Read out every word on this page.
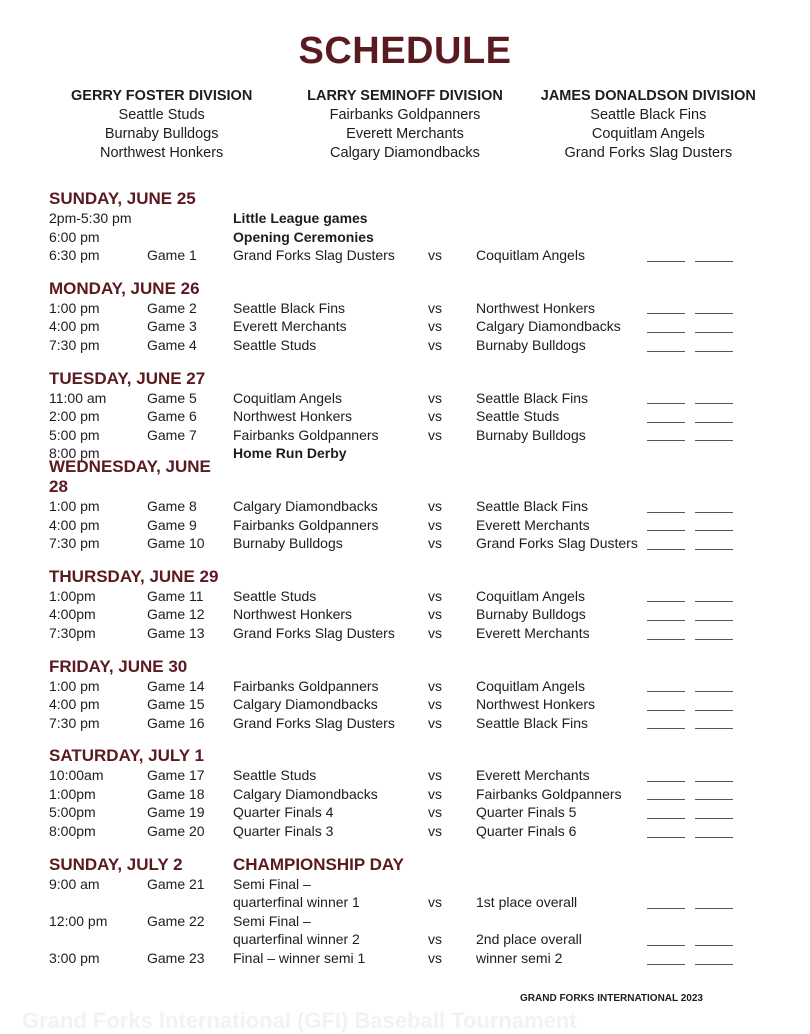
SCHEDULE
GERRY FOSTER DIVISION
Seattle Studs
Burnaby Bulldogs
Northwest Honkers
LARRY SEMINOFF DIVISION
Fairbanks Goldpanners
Everett Merchants
Calgary Diamondbacks
JAMES DONALDSON DIVISION
Seattle Black Fins
Coquitlam Angels
Grand Forks Slag Dusters
SUNDAY, JUNE 25
2pm-5:30 pm	Little League games
6:00 pm	Opening Ceremonies
6:30 pm	Game 1	Grand Forks Slag Dusters	vs	Coquitlam Angels
MONDAY, JUNE 26
1:00 pm	Game 2	Seattle Black Fins	vs	Northwest Honkers
4:00 pm	Game 3	Everett Merchants	vs	Calgary Diamondbacks
7:30 pm	Game 4	Seattle Studs	vs	Burnaby Bulldogs
TUESDAY, JUNE 27
11:00 am	Game 5	Coquitlam Angels	vs	Seattle Black Fins
2:00 pm	Game 6	Northwest Honkers	vs	Seattle Studs
5:00 pm	Game 7	Fairbanks Goldpanners	vs	Burnaby Bulldogs
8:00 pm	Home Run Derby
WEDNESDAY, JUNE 28
1:00 pm	Game 8	Calgary Diamondbacks	vs	Seattle Black Fins
4:00 pm	Game 9	Fairbanks Goldpanners	vs	Everett Merchants
7:30 pm	Game 10	Burnaby Bulldogs	vs	Grand Forks Slag Dusters
THURSDAY, JUNE 29
1:00pm	Game 11	Seattle Studs	vs	Coquitlam Angels
4:00pm	Game 12	Northwest Honkers	vs	Burnaby Bulldogs
7:30pm	Game 13	Grand Forks Slag Dusters	vs	Everett Merchants
FRIDAY, JUNE 30
1:00 pm	Game 14	Fairbanks Goldpanners	vs	Coquitlam Angels
4:00 pm	Game 15	Calgary Diamondbacks	vs	Northwest Honkers
7:30 pm	Game 16	Grand Forks Slag Dusters	vs	Seattle Black Fins
SATURDAY, JULY 1
10:00am	Game 17	Seattle Studs	vs	Everett Merchants
1:00pm	Game 18	Calgary Diamondbacks	vs	Fairbanks Goldpanners
5:00pm	Game 19	Quarter Finals 4	vs	Quarter Finals 5
8:00pm	Game 20	Quarter Finals 3	vs	Quarter Finals 6
SUNDAY, JULY 2	CHAMPIONSHIP DAY
9:00 am	Game 21	Semi Final –
quarterfinal winner 1	vs	1st place overall
12:00 pm	Game 22	Semi Final –
quarterfinal winner 2	vs	2nd place overall
3:00 pm	Game 23	Final – winner semi 1	vs	winner semi 2
GRAND FORKS INTERNATIONAL 2023
Grand Forks International (GFI) Baseball Tournament
